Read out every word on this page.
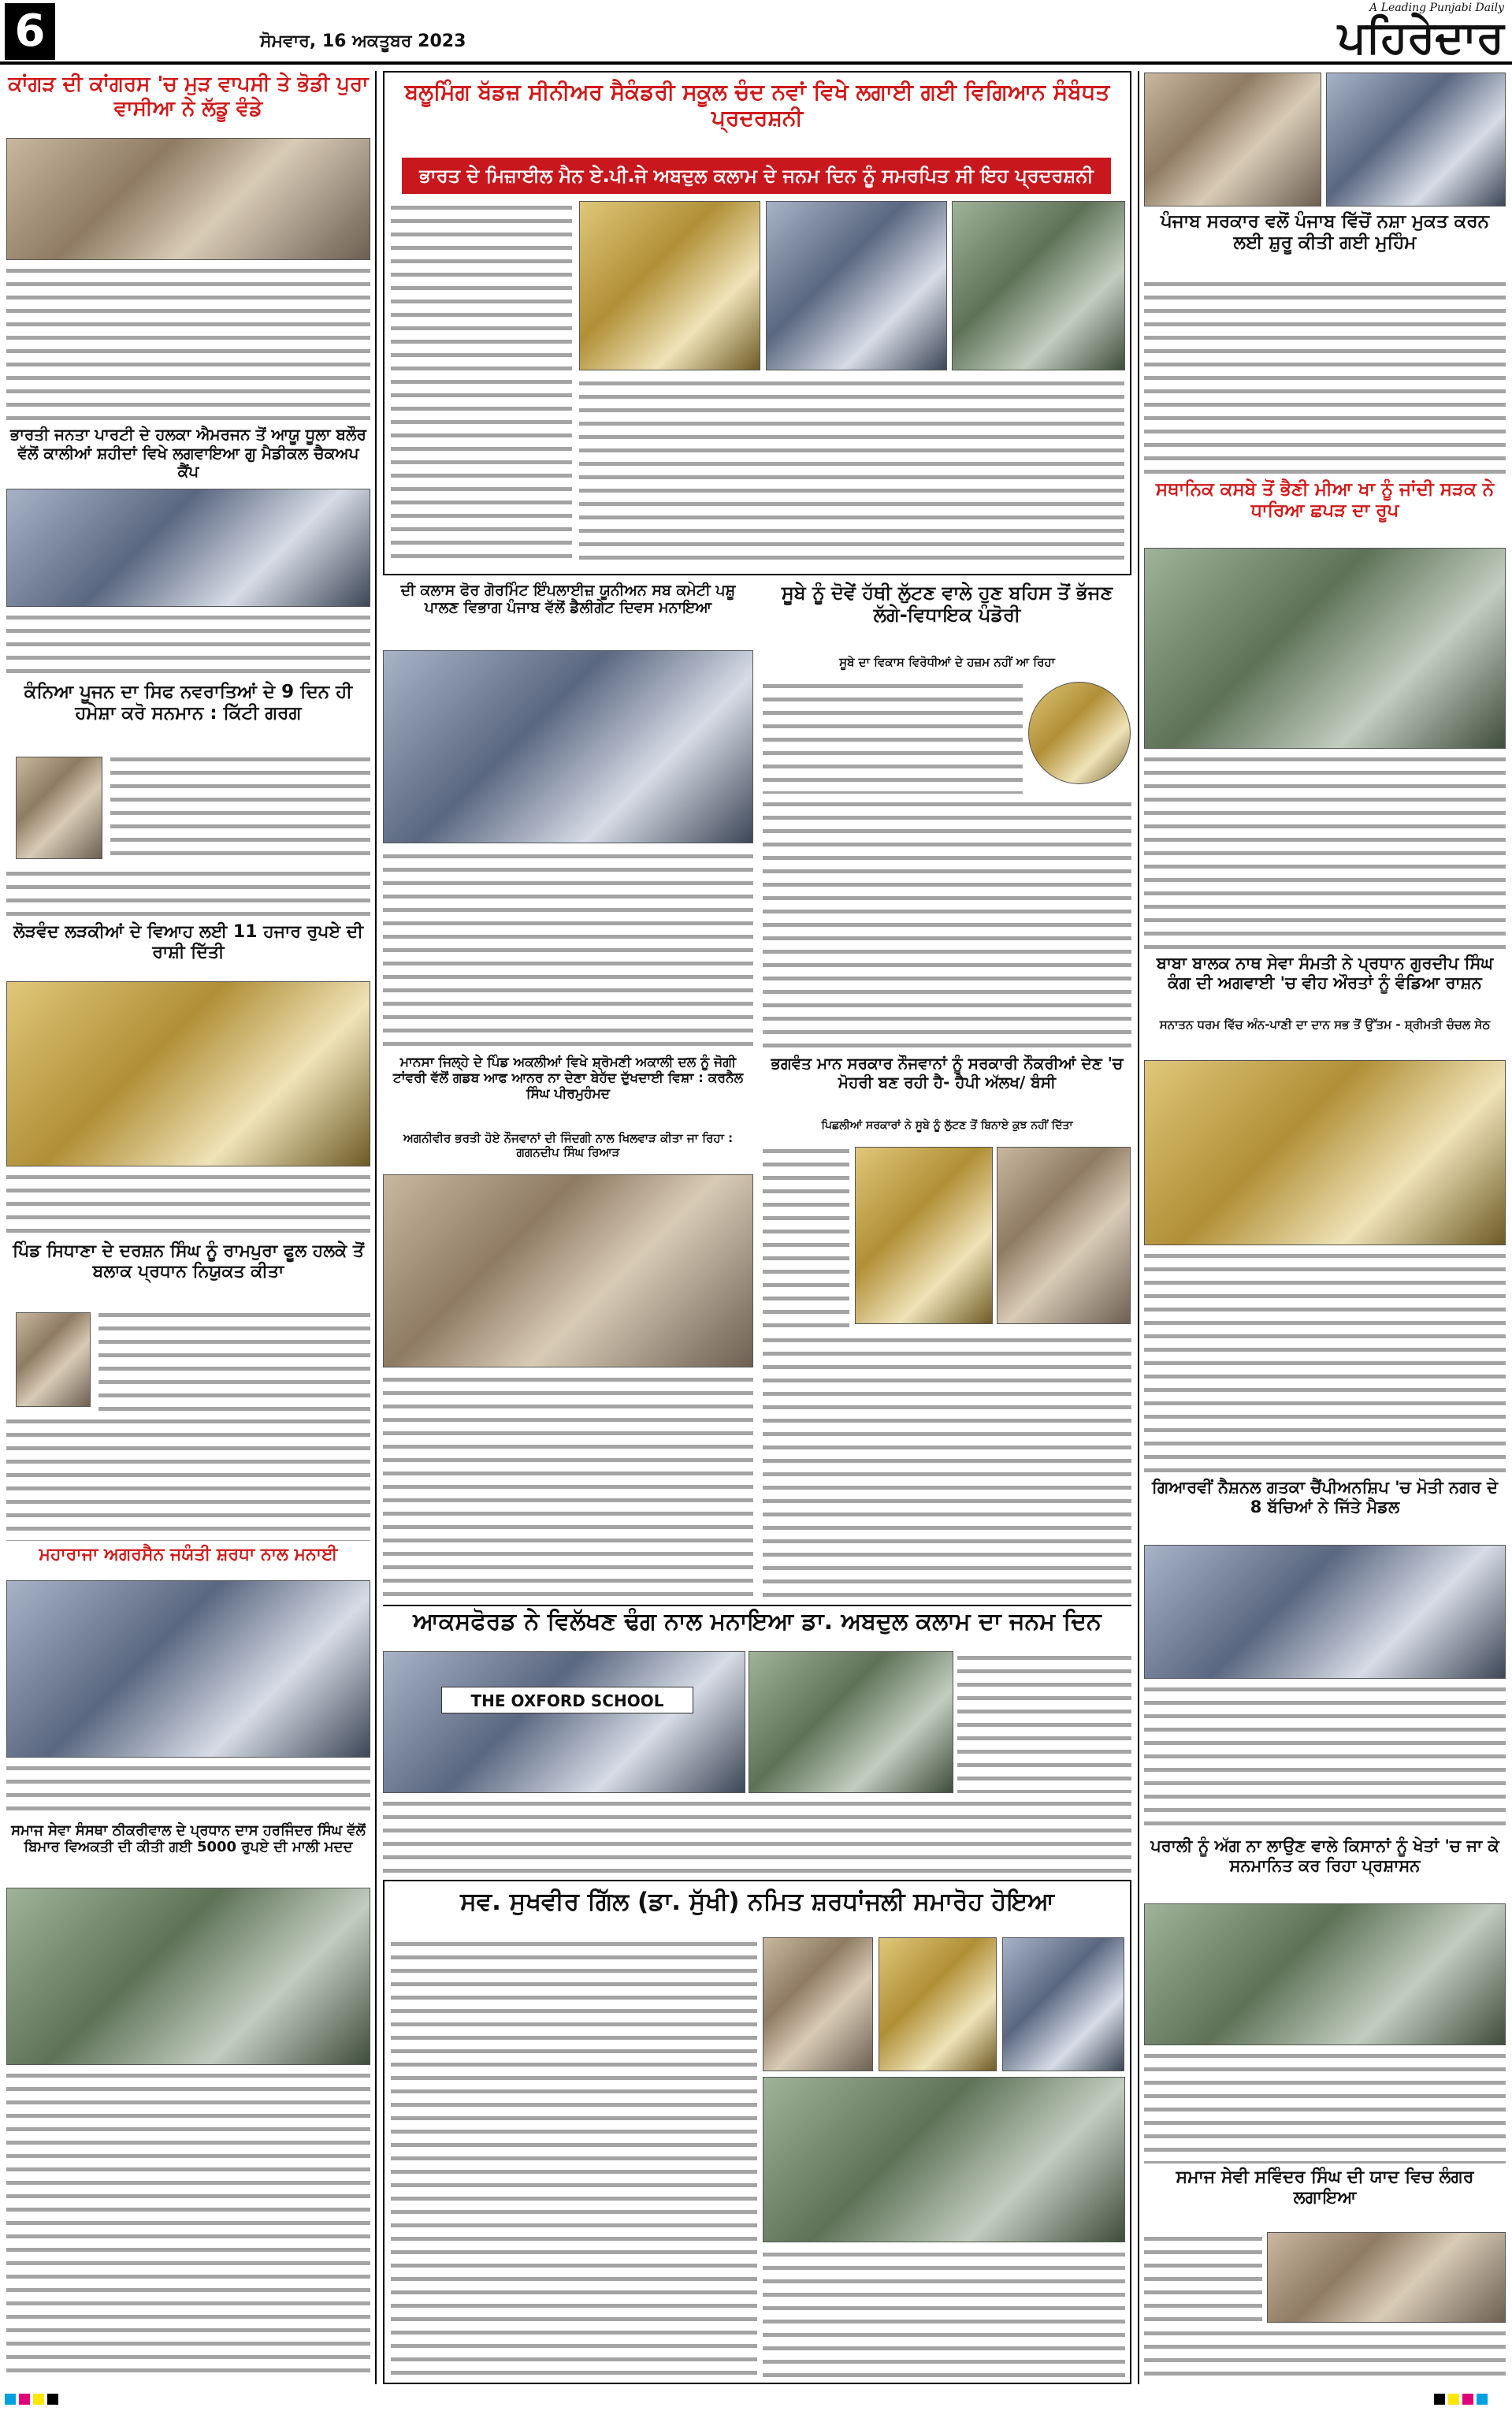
6	ਸੋਮਵਾਰ, 16 ਅਕਤੂਬਰ 2023
A Leading Punjabi Daily
ਪਹਿਰੇਦਾਰ
ਕਾਂਗੜ ਦੀ ਕਾਂਗਰਸ 'ਚ ਮੁੜ ਵਾਪਸੀ ਤੇ ਭੋਡੀ ਪੁਰਾ ਵਾਸੀਆ ਨੇ ਲੱਡੂ ਵੰਡੇ
ਭਾਰਤੀ ਜਨਤਾ ਪਾਰਟੀ ਦੇ ਹਲਕਾ ਐਮਰਜਨ ਤੋਂ ਆਯੂ ਧੂਲਾ ਬਲੌਰ ਵੱਲੋਂ ਕਾਲੀਆਂ ਸ਼ਹੀਦਾਂ ਵਿਖੇ ਲਗਵਾਇਆ ਗੁ ਮੈਡੀਕਲ ਚੈਕਅਪ ਕੈਂਪ
ਕੰਨਿਆ ਪੂਜਨ ਦਾ ਸਿਫ ਨਵਰਾਤਿਆਂ ਦੇ 9 ਦਿਨ ਹੀ ਹਮੇਸ਼ਾ ਕਰੋ ਸਨਮਾਨ : ਕਿੱਟੀ ਗਰਗ
ਲੋੜਵੰਦ ਲੜਕੀਆਂ ਦੇ ਵਿਆਹ ਲਈ 11 ਹਜਾਰ ਰੁਪਏ ਦੀ ਰਾਸ਼ੀ ਦਿੱਤੀ
ਪਿੰਡ ਸਿਧਾਣਾ ਦੇ ਦਰਸ਼ਨ ਸਿੰਘ ਨੂੰ ਰਾਮਪੁਰਾ ਫੂਲ ਹਲਕੇ ਤੋਂ ਬਲਾਕ ਪ੍ਰਧਾਨ ਨਿਯੁਕਤ ਕੀਤਾ
ਮਹਾਰਾਜਾ ਅਗਰਸੈਨ ਜਯੰਤੀ ਸ਼ਰਧਾ ਨਾਲ ਮਨਾਈ
ਸਮਾਜ ਸੇਵਾ ਸੰਸਥਾ ਠੀਕਰੀਵਾਲ ਦੇ ਪ੍ਰਧਾਨ ਦਾਸ ਹਰਜਿੰਦਰ ਸਿੰਘ ਵੱਲੋਂ ਬਿਮਾਰ ਵਿਅਕਤੀ ਦੀ ਕੀਤੀ ਗਈ 5000 ਰੁਪਏ ਦੀ ਮਾਲੀ ਮਦਦ
ਬਲੂਮਿੰਗ ਬੱਡਜ਼ ਸੀਨੀਅਰ ਸੈਕੰਡਰੀ ਸਕੂਲ ਚੰਦ ਨਵਾਂ ਵਿਖੇ ਲਗਾਈ ਗਈ ਵਿਗਿਆਨ ਸੰਬੰਧਤ ਪ੍ਰਦਰਸ਼ਨੀ
ਭਾਰਤ ਦੇ ਮਿਜ਼ਾਈਲ ਮੈਨ ਏ.ਪੀ.ਜੇ ਅਬਦੁਲ ਕਲਾਮ ਦੇ ਜਨਮ ਦਿਨ ਨੂੰ ਸਮਰਪਿਤ ਸੀ ਇਹ ਪ੍ਰਦਰਸ਼ਨੀ
ਦੀ ਕਲਾਸ ਫੋਰ ਗੋਰਮਿੰਟ ਇੰਪਲਾਈਜ਼ ਯੂਨੀਅਨ ਸਬ ਕਮੇਟੀ ਪਸ਼ੂ ਪਾਲਣ ਵਿਭਾਗ ਪੰਜਾਬ ਵੱਲੋਂ ਡੈਲੀਗੇਟ ਦਿਵਸ ਮਨਾਇਆ
ਸੂਬੇ ਨੂੰ ਦੋਵੇਂ ਹੱਥੀ ਲੁੱਟਣ ਵਾਲੇ ਹੁਣ ਬਹਿਸ ਤੋਂ ਭੱਜਣ ਲੱਗੇ-ਵਿਧਾਇਕ ਪੰਡੋਰੀ
ਸੂਬੇ ਦਾ ਵਿਕਾਸ ਵਿਰੋਧੀਆਂ ਦੇ ਹਜ਼ਮ ਨਹੀਂ ਆ ਰਿਹਾ
ਮਾਨਸਾ ਜਿਲ੍ਹੇ ਦੇ ਪਿੰਡ ਅਕਲੀਆਂ ਵਿਖੇ ਸ਼੍ਰੋਮਣੀ ਅਕਾਲੀ ਦਲ ਨੂੰ ਜੋਗੀ ਟਾਂਵਰੀ ਵੱਲੋਂ ਗਡਬ ਆਫ ਆਨਰ ਨਾ ਦੇਣਾ ਬੇਹੱਦ ਦੁੱਖਦਾਈ ਵਿਸ਼ਾ : ਕਰਨੈਲ ਸਿੰਘ ਪੀਰਮੁਹੰਮਦ
ਅਗਨੀਵੀਰ ਭਰਤੀ ਹੋਏ ਨੌਜਵਾਨਾਂ ਦੀ ਜਿੰਦਗੀ ਨਾਲ ਖਿਲਵਾੜ ਕੀਤਾ ਜਾ ਰਿਹਾ : ਗਗਨਦੀਪ ਸਿੰਘ ਰਿਆੜ
ਭਗਵੰਤ ਮਾਨ ਸਰਕਾਰ ਨੌਜਵਾਨਾਂ ਨੂੰ ਸਰਕਾਰੀ ਨੌਕਰੀਆਂ ਦੇਣ 'ਚ ਮੋਹਰੀ ਬਣ ਰਹੀ ਹੈ- ਹੈਪੀ ਅੱਲਖ/ ਬੰਸੀ
ਪਿਛਲੀਆਂ ਸਰਕਾਰਾਂ ਨੇ ਸੂਬੇ ਨੂੰ ਲੁੱਟਣ ਤੋਂ ਬਿਨਾਏ ਕੁਝ ਨਹੀਂ ਦਿੱਤਾ
ਆਕਸਫੋਰਡ ਨੇ ਵਿਲੱਖਣ ਢੰਗ ਨਾਲ ਮਨਾਇਆ ਡਾ. ਅਬਦੁਲ ਕਲਾਮ ਦਾ ਜਨਮ ਦਿਨ
THE OXFORD SCHOOL
ਸਵ. ਸੁਖਵੀਰ ਗਿੱਲ (ਡਾ. ਸੁੱਖੀ) ਨਮਿਤ ਸ਼ਰਧਾਂਜਲੀ ਸਮਾਰੋਹ ਹੋਇਆ
ਪੰਜਾਬ ਸਰਕਾਰ ਵਲੋਂ ਪੰਜਾਬ ਵਿੱਚੋਂ ਨਸ਼ਾ ਮੁਕਤ ਕਰਨ ਲਈ ਸ਼ੁਰੂ ਕੀਤੀ ਗਈ ਮੁਹਿੰਮ
ਸਥਾਨਿਕ ਕਸਬੇ ਤੋਂ ਭੈਣੀ ਮੀਆ ਖਾ ਨੂੰ ਜਾਂਦੀ ਸੜਕ ਨੇ ਧਾਰਿਆ ਛਪੜ ਦਾ ਰੂਪ
ਬਾਬਾ ਬਾਲਕ ਨਾਥ ਸੇਵਾ ਸੰਮਤੀ ਨੇ ਪ੍ਰਧਾਨ ਗੁਰਦੀਪ ਸਿੰਘ ਕੰਗ ਦੀ ਅਗਵਾਈ 'ਚ ਵੀਹ ਔਰਤਾਂ ਨੂੰ ਵੰਡਿਆ ਰਾਸ਼ਨ
ਸਨਾਤਨ ਧਰਮ ਵਿੱਚ ਅੰਨ-ਪਾਣੀ ਦਾ ਦਾਨ ਸਭ ਤੋਂ ਉੱਤਮ - ਸ਼੍ਰੀਮਤੀ ਚੰਚਲ ਸੇਠ
ਗਿਆਰਵੀਂ ਨੈਸ਼ਨਲ ਗਤਕਾ ਚੈਂਪੀਅਨਸ਼ਿਪ 'ਚ ਮੋਤੀ ਨਗਰ ਦੇ 8 ਬੱਚਿਆਂ ਨੇ ਜਿੱਤੇ ਮੈਡਲ
ਪਰਾਲੀ ਨੂੰ ਅੱਗ ਨਾ ਲਾਉਣ ਵਾਲੇ ਕਿਸਾਨਾਂ ਨੂੰ ਖੇਤਾਂ 'ਚ ਜਾ ਕੇ ਸਨਮਾਨਿਤ ਕਰ ਰਿਹਾ ਪ੍ਰਸ਼ਾਸਨ
ਸਮਾਜ ਸੇਵੀ ਸਵਿੰਦਰ ਸਿੰਘ ਦੀ ਯਾਦ ਵਿਚ ਲੰਗਰ ਲਗਾਇਆ
